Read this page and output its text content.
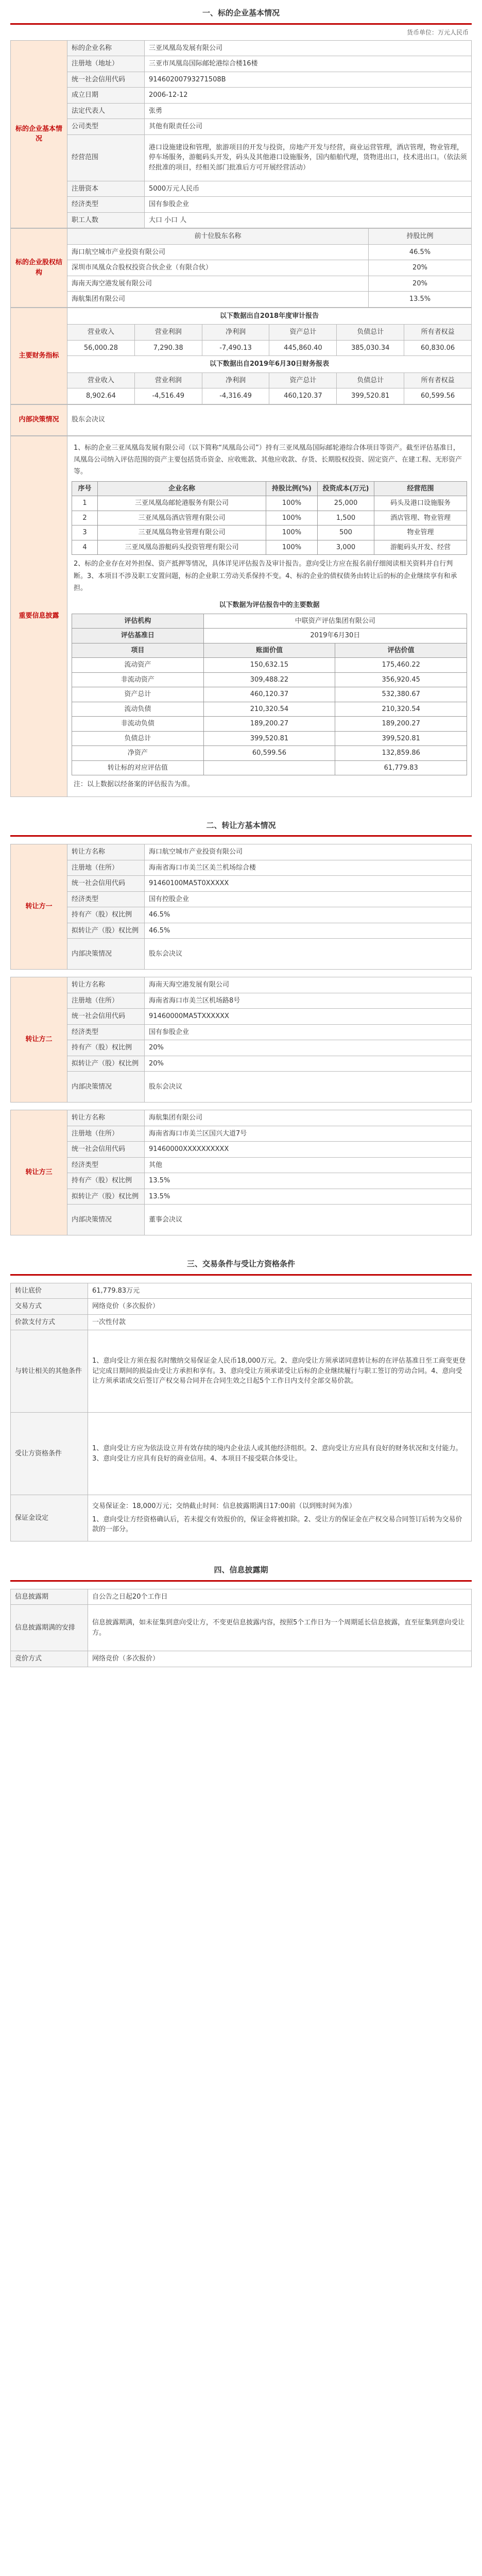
一、标的企业基本情况
货币单位：万元人民币
标的企业基本情况	标的企业名称	三亚凤凰岛发展有限公司
	注册地（地址）	三亚市凤凰岛国际邮轮港综合楼16楼
	统一社会信用代码	91460200793271508B
	成立日期	2006-12-12
	法定代表人	张勇
	公司类型	其他有限责任公司
	经营范围	港口设施建设和管理，旅游项目的开发与投资，房地产开发与经营，商业运营管理，酒店管理，物业管理，停车场服务，游艇码头开发，码头及其他港口设施服务，国内船舶代理，货物进出口，技术进出口。（依法须经批准的项目，经相关部门批准后方可开展经营活动）
	注册资本	5000万元人民币
	经济类型	国有参股企业
	职工人数	大口 小口 人
标的企业股权结构	前十位股东名称	持股比例
	海口航空城市产业投资有限公司	46.5%
	深圳市凤凰众合股权投资合伙企业（有限合伙）	20%
	海南天海空港发展有限公司	20%
	海航集团有限公司	13.5%
主要财务指标	以下数据出自2018年度审计报告					
	营业收入	营业利润	净利润	资产总计	负债总计	所有者权益
	56,000.28	7,290.38	-7,490.13	445,860.40	385,030.34	60,830.06
	以下数据出自2019年6月30日财务报表					
	营业收入	营业利润	净利润	资产总计	负债总计	所有者权益
	8,902.64	-4,516.49	-4,316.49	460,120.37	399,520.81	60,599.56
内部决策情况	股东会决议
重要信息披露	
1、标的企业三亚凤凰岛发展有限公司（以下简称“凤凰岛公司”）持有三亚凤凰岛国际邮轮港综合体项目等资产。截至评估基准日，凤凰岛公司纳入评估范围的资产主要包括货币资金、应收账款、其他应收款、存货、长期股权投资、固定资产、在建工程、无形资产等。
序号	企业名称	持股比例(%)	投资成本(万元)	经营范围
1	三亚凤凰岛邮轮港服务有限公司	100%	25,000	码头及港口设施服务
2	三亚凤凰岛酒店管理有限公司	100%	1,500	酒店管理、物业管理
3	三亚凤凰岛物业管理有限公司	100%	500	物业管理
4	三亚凤凰岛游艇码头投资管理有限公司	100%	3,000	游艇码头开发、经营
2、标的企业存在对外担保、资产抵押等情况，具体详见评估报告及审计报告。意向受让方应在报名前仔细阅读相关资料并自行判断。3、本项目不涉及职工安置问题，标的企业职工劳动关系保持不变。4、标的企业的债权债务由转让后的标的企业继续享有和承担。
以下数据为评估报告中的主要数据
评估机构	中联资产评估集团有限公司
评估基准日	2019年6月30日
项目	账面价值	评估价值
流动资产	150,632.15	175,460.22
非流动资产	309,488.22	356,920.45
资产总计	460,120.37	532,380.67
流动负债	210,320.54	210,320.54
非流动负债	189,200.27	189,200.27
负债总计	399,520.81	399,520.81
净资产	60,599.56	132,859.86
转让标的对应评估值		61,779.83
注：以上数据以经备案的评估报告为准。
二、转让方基本情况
转让方一	转让方名称	海口航空城市产业投资有限公司
	注册地（住所）	海南省海口市美兰区美兰机场综合楼
	统一社会信用代码	91460100MA5T0XXXXX
	经济类型	国有控股企业
	持有产（股）权比例	46.5%
	拟转让产（股）权比例	46.5%
	内部决策情况	股东会决议
转让方二	转让方名称	海南天海空港发展有限公司
	注册地（住所）	海南省海口市美兰区机场路8号
	统一社会信用代码	91460000MA5TXXXXXX
	经济类型	国有参股企业
	持有产（股）权比例	20%
	拟转让产（股）权比例	20%
	内部决策情况	股东会决议
转让方三	转让方名称	海航集团有限公司
	注册地（住所）	海南省海口市美兰区国兴大道7号
	统一社会信用代码	91460000XXXXXXXXXX
	经济类型	其他
	持有产（股）权比例	13.5%
	拟转让产（股）权比例	13.5%
	内部决策情况	董事会决议
三、交易条件与受让方资格条件
转让底价	61,779.83万元
交易方式	网络竞价（多次报价）
价款支付方式	一次性付款
与转让相关的其他条件	1、意向受让方须在报名时缴纳交易保证金人民币18,000万元。2、意向受让方须承诺同意转让标的在评估基准日至工商变更登记完成日期间的损益由受让方承担和享有。3、意向受让方须承诺受让后标的企业继续履行与职工签订的劳动合同。4、意向受让方须承诺成交后签订产权交易合同并在合同生效之日起5个工作日内支付全部交易价款。
受让方资格条件	1、意向受让方应为依法设立并有效存续的境内企业法人或其他经济组织。2、意向受让方应具有良好的财务状况和支付能力。3、意向受让方应具有良好的商业信用。4、本项目不接受联合体受让。
保证金设定	交易保证金：18,000万元；交纳截止时间：信息披露期满日17:00前（以到账时间为准）
1、意向受让方经资格确认后，若未提交有效报价的，保证金将被扣除。2、受让方的保证金在产权交易合同签订后转为交易价款的一部分。
四、信息披露期
信息披露期	自公告之日起20个工作日
信息披露期满的安排	信息披露期满，如未征集到意向受让方，不变更信息披露内容，按照5个工作日为一个周期延长信息披露，直至征集到意向受让方。
竞价方式	网络竞价（多次报价）
